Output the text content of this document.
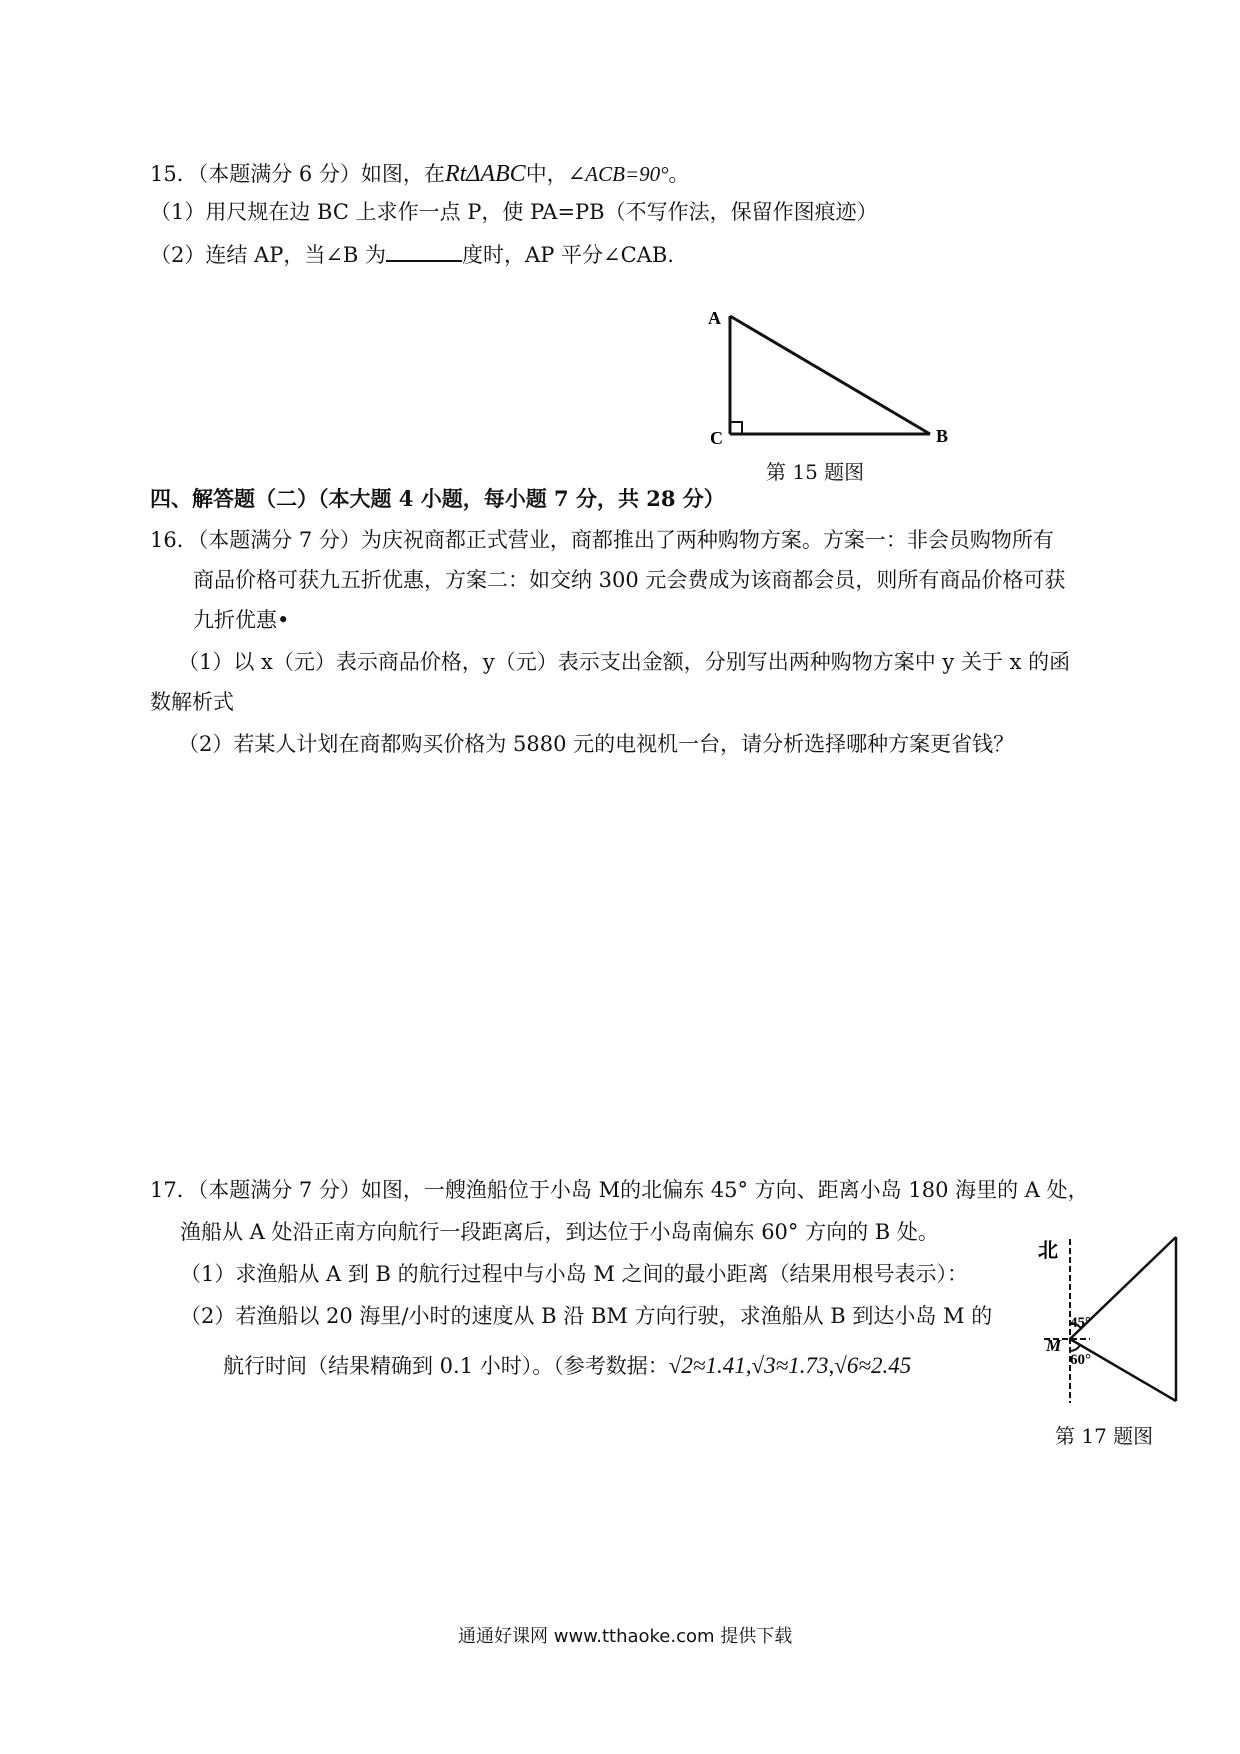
15．（本题满分 6 分）如图，在RtΔABC中，∠ACB=90°。
（1）用尺规在边 BC 上求作一点 P，使 PA=PB（不写作法，保留作图痕迹）
（2）连结 AP，当∠B 为	度时，AP 平分∠CAB.
A
C	B
第 15 题图
四、解答题（二）（本大题 4 小题，每小题 7 分，共 28 分）
16．（本题满分 7 分）为庆祝商都正式营业，商都推出了两种购物方案。方案一：非会员购物所有
商品价格可获九五折优惠，方案二：如交纳 300 元会费成为该商都会员，则所有商品价格可获
九折优惠•
（1）以 x（元）表示商品价格，y（元）表示支出金额，分别写出两种购物方案中 y 关于 x 的函
数解析式
（2）若某人计划在商都购买价格为 5880 元的电视机一台，请分析选择哪种方案更省钱？
17．（本题满分 7 分）如图，一艘渔船位于小岛 M的北偏东 45° 方向、距离小岛 180 海里的 A 处，
渔船从 A 处沿正南方向航行一段距离后，到达位于小岛南偏东 60° 方向的 B 处。
（1）求渔船从 A 到 B 的航行过程中与小岛 M 之间的最小距离（结果用根号表示）：
（2）若渔船以 20 海里/小时的速度从 B 沿 BM 方向行驶，求渔船从 B 到达小岛 M 的
航行时间（结果精确到 0.1 小时）。（参考数据：√2≈1.41,√3≈1.73,√6≈2.45
北
45°
60°
M
第 17 题图
通通好课网 www.tthaoke.com 提供下载
